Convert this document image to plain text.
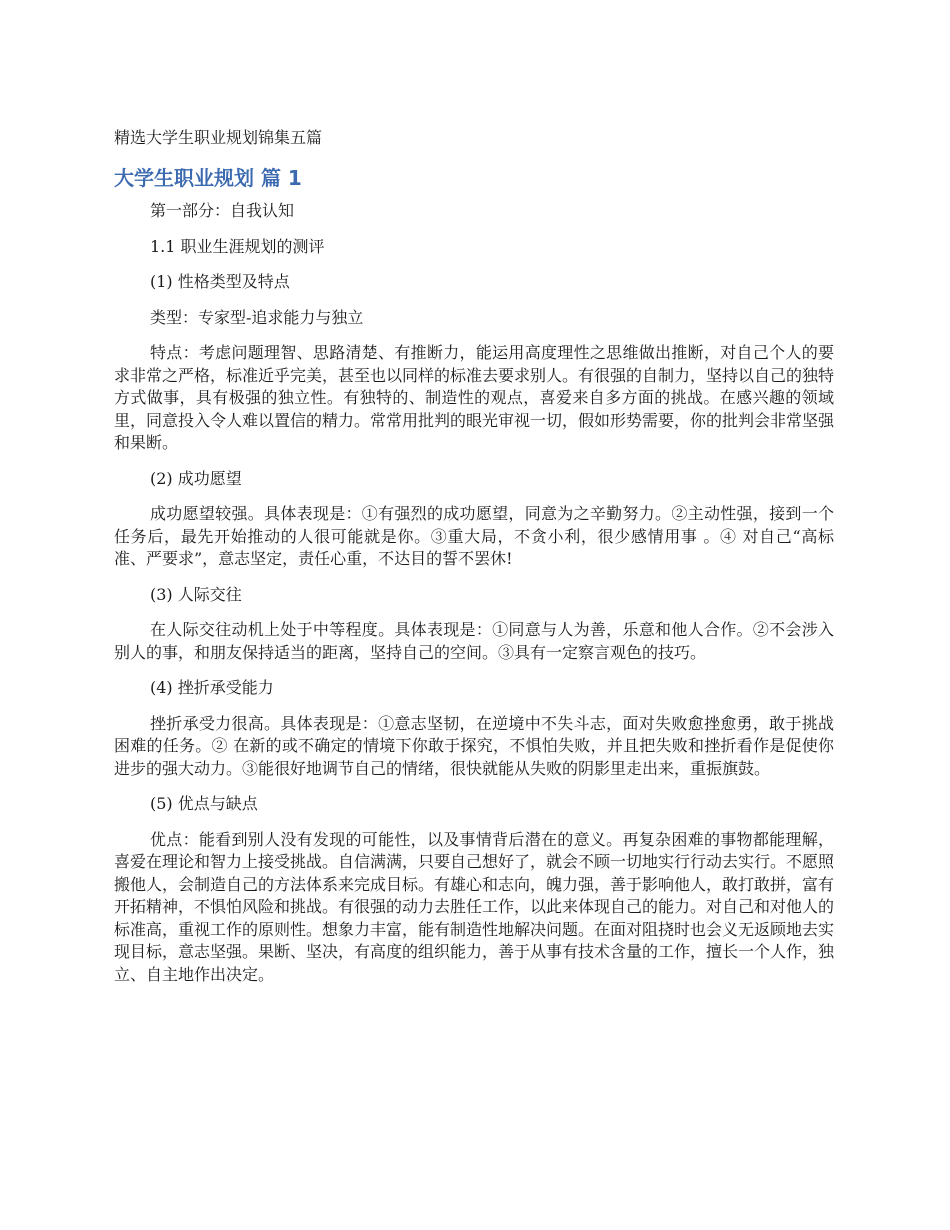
精选大学生职业规划锦集五篇
大学生职业规划 篇 1

第一部分：自我认知

1.1 职业生涯规划的测评

(1) 性格类型及特点

类型：专家型-追求能力与独立

特点：考虑问题理智、思路清楚、有推断力，能运用高度理性之思维做出推断，对自己个人的要求非常之严格，标准近乎完美，甚至也以同样的标准去要求别人。有很强的自制力，坚持以自己的独特方式做事，具有极强的独立性。有独特的、制造性的观点，喜爱来自多方面的挑战。在感兴趣的领域里，同意投入令人难以置信的精力。常常用批判的眼光审视一切，假如形势需要，你的批判会非常坚强和果断。

(2) 成功愿望

成功愿望较强。具体表现是：①有强烈的成功愿望，同意为之辛勤努力。②主动性强，接到一个任务后，最先开始推动的人很可能就是你。③重大局，不贪小利，很少感情用事 。④ 对自己“高标准、严要求”，意志坚定，责任心重，不达目的誓不罢休!

(3) 人际交往

在人际交往动机上处于中等程度。具体表现是：①同意与人为善，乐意和他人合作。②不会涉入别人的事，和朋友保持适当的距离，坚持自己的空间。③具有一定察言观色的技巧。

(4) 挫折承受能力

挫折承受力很高。具体表现是：①意志坚韧，在逆境中不失斗志，面对失败愈挫愈勇，敢于挑战困难的任务。② 在新的或不确定的情境下你敢于探究，不惧怕失败，并且把失败和挫折看作是促使你进步的强大动力。③能很好地调节自己的情绪，很快就能从失败的阴影里走出来，重振旗鼓。

(5) 优点与缺点

优点：能看到别人没有发现的可能性，以及事情背后潜在的意义。再复杂困难的事物都能理解，喜爱在理论和智力上接受挑战。自信满满，只要自己想好了，就会不顾一切地实行行动去实行。不愿照搬他人，会制造自己的方法体系来完成目标。有雄心和志向，魄力强，善于影响他人，敢打敢拼，富有开拓精神，不惧怕风险和挑战。有很强的动力去胜任工作，以此来体现自己的能力。对自己和对他人的标准高，重视工作的原则性。想象力丰富，能有制造性地解决问题。在面对阻挠时也会义无返顾地去实现目标，意志坚强。果断、坚决，有高度的组织能力，善于从事有技术含量的工作，擅长一个人作，独立、自主地作出决定。
